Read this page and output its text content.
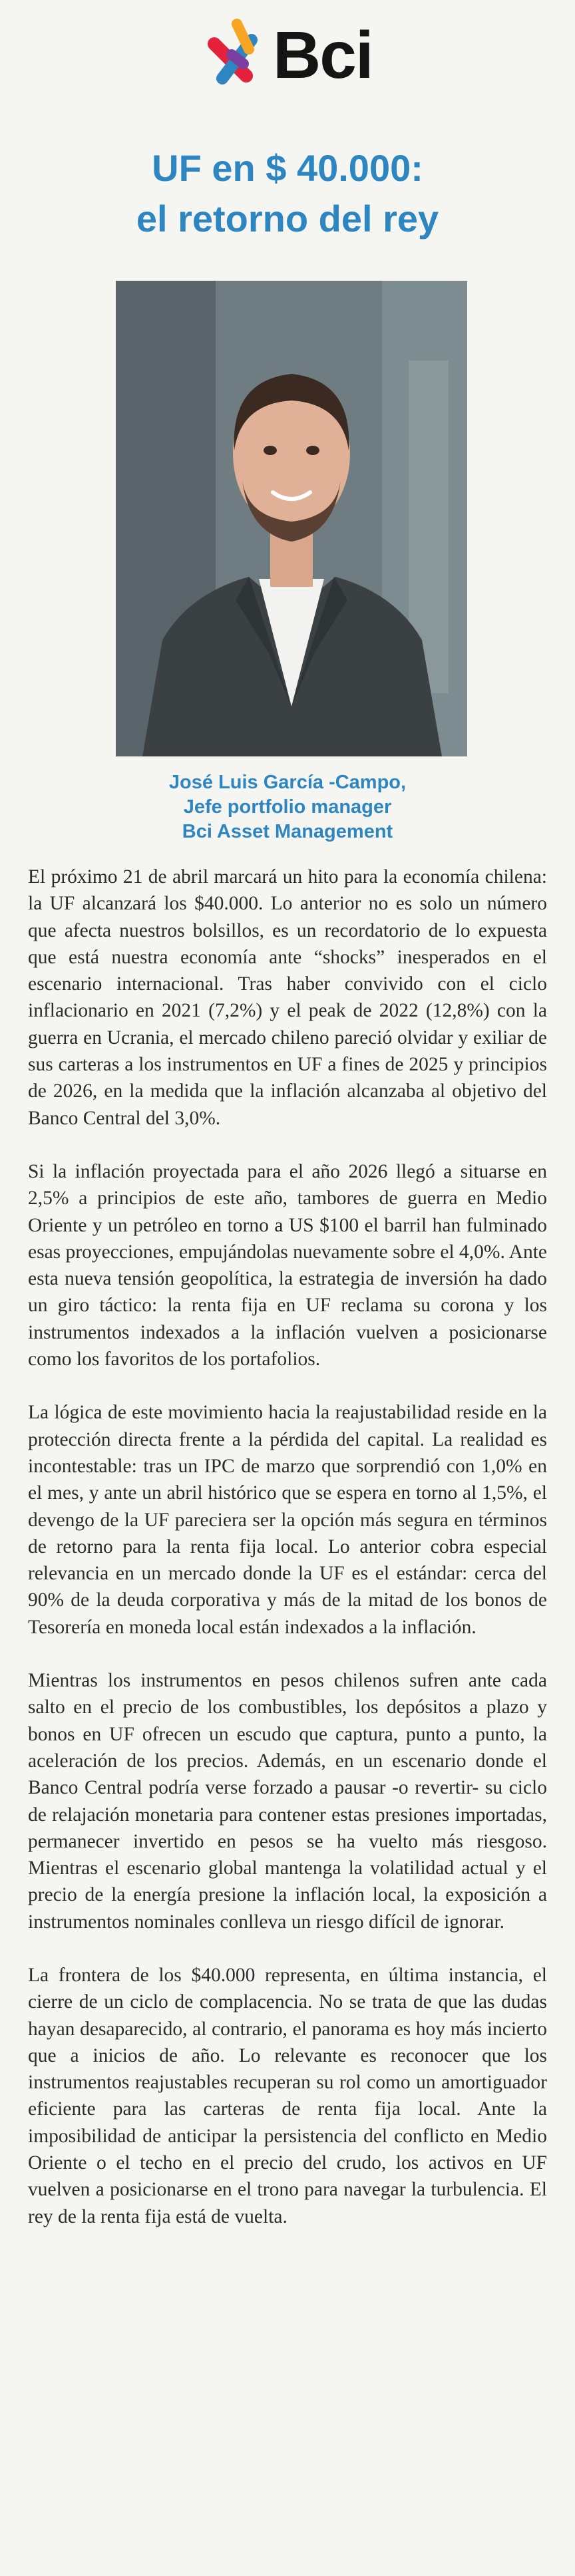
Bci
UF en $ 40.000:
el retorno del rey
José Luis García -Campo,
Jefe portfolio manager
Bci Asset Management

El próximo 21 de abril marcará un hito para la economía chilena: la UF alcanzará los $40.000. Lo anterior no es solo un número que afecta nuestros bolsillos, es un recordatorio de lo expuesta que está nuestra economía ante “shocks” inesperados en el escenario internacional. Tras haber convivido con el ciclo inflacionario en 2021 (7,2%) y el peak de 2022 (12,8%) con la guerra en Ucrania, el mercado chileno pareció olvidar y exiliar de sus carteras a los instrumentos en UF a fines de 2025 y principios de 2026, en la medida que la inflación alcanzaba al objetivo del Banco Central del 3,0%.

Si la inflación proyectada para el año 2026 llegó a situarse en 2,5% a principios de este año, tambores de guerra en Medio Oriente y un petróleo en torno a US $100 el barril han fulminado esas proyecciones, empujándolas nuevamente sobre el 4,0%. Ante esta nueva tensión geopolítica, la estrategia de inversión ha dado un giro táctico: la renta fija en UF reclama su corona y los instrumentos indexados a la inflación vuelven a posicionarse como los favoritos de los portafolios.

La lógica de este movimiento hacia la reajustabilidad reside en la protección directa frente a la pérdida del capital. La realidad es incontestable: tras un IPC de marzo que sorprendió con 1,0% en el mes, y ante un abril histórico que se espera en torno al 1,5%, el devengo de la UF pareciera ser la opción más segura en términos de retorno para la renta fija local. Lo anterior cobra especial relevancia en un mercado donde la UF es el estándar: cerca del 90% de la deuda corporativa y más de la mitad de los bonos de Tesorería en moneda local están indexados a la inflación.

Mientras los instrumentos en pesos chilenos sufren ante cada salto en el precio de los combustibles, los depósitos a plazo y bonos en UF ofrecen un escudo que captura, punto a punto, la aceleración de los precios. Además, en un escenario donde el Banco Central podría verse forzado a pausar -o revertir- su ciclo de relajación monetaria para contener estas presiones importadas, permanecer invertido en pesos se ha vuelto más riesgoso. Mientras el escenario global mantenga la volatilidad actual y el precio de la energía presione la inflación local, la exposición a instrumentos nominales conlleva un riesgo difícil de ignorar.

La frontera de los $40.000 representa, en última instancia, el cierre de un ciclo de complacencia. No se trata de que las dudas hayan desaparecido, al contrario, el panorama es hoy más incierto que a inicios de año. Lo relevante es reconocer que los instrumentos reajustables recuperan su rol como un amortiguador eficiente para las carteras de renta fija local. Ante la imposibilidad de anticipar la persistencia del conflicto en Medio Oriente o el techo en el precio del crudo, los activos en UF vuelven a posicionarse en el trono para navegar la turbulencia. El rey de la renta fija está de vuelta.
